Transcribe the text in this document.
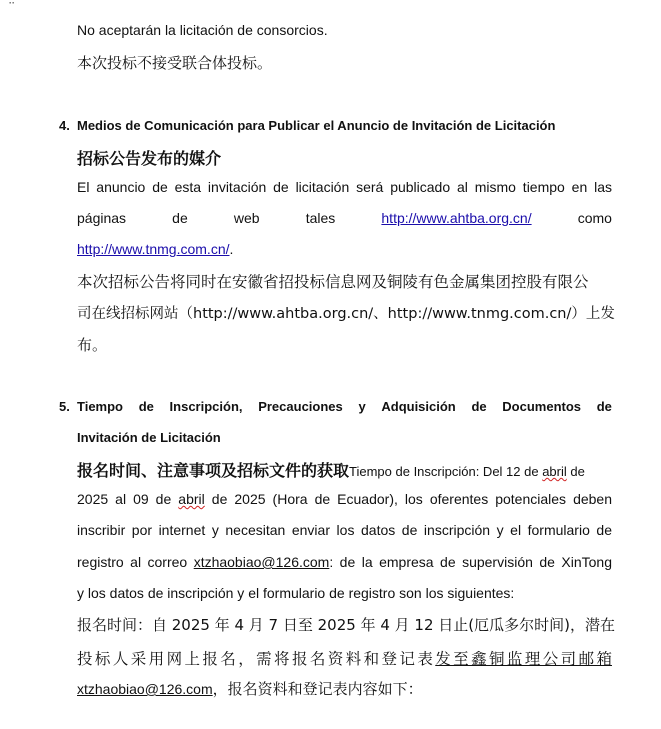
⠒
No aceptarán la licitación de consorcios.
本次投标不接受联合体投标。
4. Medios de Comunicación para Publicar el Anuncio de Invitación de Licitación
招标公告发布的媒介
El anuncio de esta invitación de licitación será publicado al mismo tiempo en las
páginas	de	web	tales	http://www.ahtba.org.cn/	como
http://www.tnmg.com.cn/.
本次招标公告将同时在安徽省招投标信息网及铜陵有色金属集团控股有限公
司在线招标网站（http://www.ahtba.org.cn/、http://www.tnmg.com.cn/）上发
布。
5. Tiempo de Inscripción, Precauciones y Adquisición de Documentos de
Invitación de Licitación
报名时间、注意事项及招标文件的获取Tiempo de Inscripción: Del 12 de abril de
2025 al 09 de abril de 2025 (Hora de Ecuador), los oferentes potenciales deben
inscribir por internet y necesitan enviar los datos de inscripción y el formulario de
registro al correo xtzhaobiao@126.com: de la empresa de supervisión de XinTong
y los datos de inscripción y el formulario de registro son los siguientes:
报名时间：自 2025 年 4 月 7 日至 2025 年 4 月 12 日止(厄瓜多尔时间)，潜在
投标人采用网上报名，需将报名资料和登记表发至鑫铜监理公司邮箱
xtzhaobiao@126.com，报名资料和登记表内容如下：
